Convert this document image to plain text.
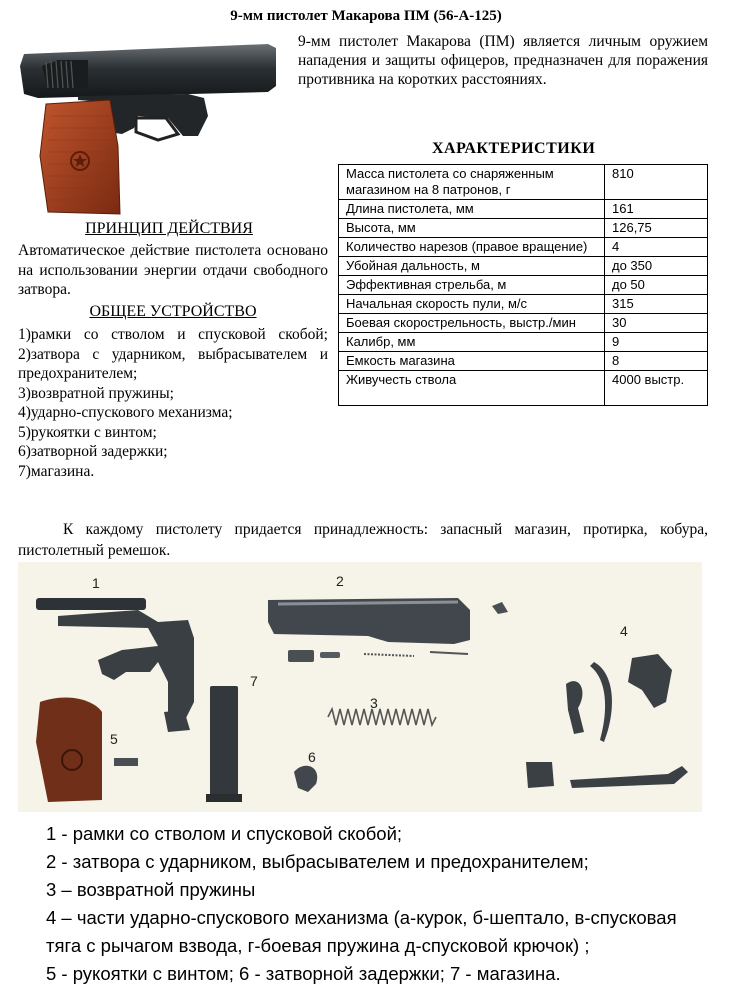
9-мм пистолет Макарова ПМ (56-А-125)
9-мм пистолет Макарова (ПМ) является личным оружием нападения и защиты офицеров, предназначен для поражения противника на коротких расстояниях.
ХАРАКТЕРИСТИКИ
Масса пистолета со снаряженным магазином на 8 патронов, г	810
Длина пистолета, мм	161
Высота, мм	126,75
Количество нарезов (правое вращение)	4
Убойная дальность, м	до 350
Эффективная стрельба, м	до 50
Начальная скорость пули, м/с	315
Боевая скорострельность, выстр./мин	30
Калибр, мм	9
Емкость магазина	8
Живучесть ствола	4000 выстр.
ПРИНЦИП ДЕЙСТВИЯ
Автоматическое действие пистолета основано на использовании энергии отдачи свободного затвора.
ОБЩЕЕ УСТРОЙСТВО
1)рамки со стволом и спусковой скобой;
2)затвора с ударником, выбрасывателем и предохранителем;
3)возвратной пружины;
4)ударно-спускового механизма;
5)рукоятки с винтом;
6)затворной задержки;
7)магазина.
К каждому пистолету придается принадлежность: запасный магазин, протирка, кобура, пистолетный ремешок.
1	2
3
4
5
6
7
1 - рамки со стволом и спусковой скобой;
2 - затвора с ударником, выбрасывателем и предохранителем;
3 – возвратной пружины
4 – части ударно-спускового механизма (а-курок, б-шептало, в-спусковая тяга с рычагом взвода, г-боевая пружина д-спусковой крючок) ;
5 - рукоятки с винтом; 6 - затворной задержки; 7 - магазина.
